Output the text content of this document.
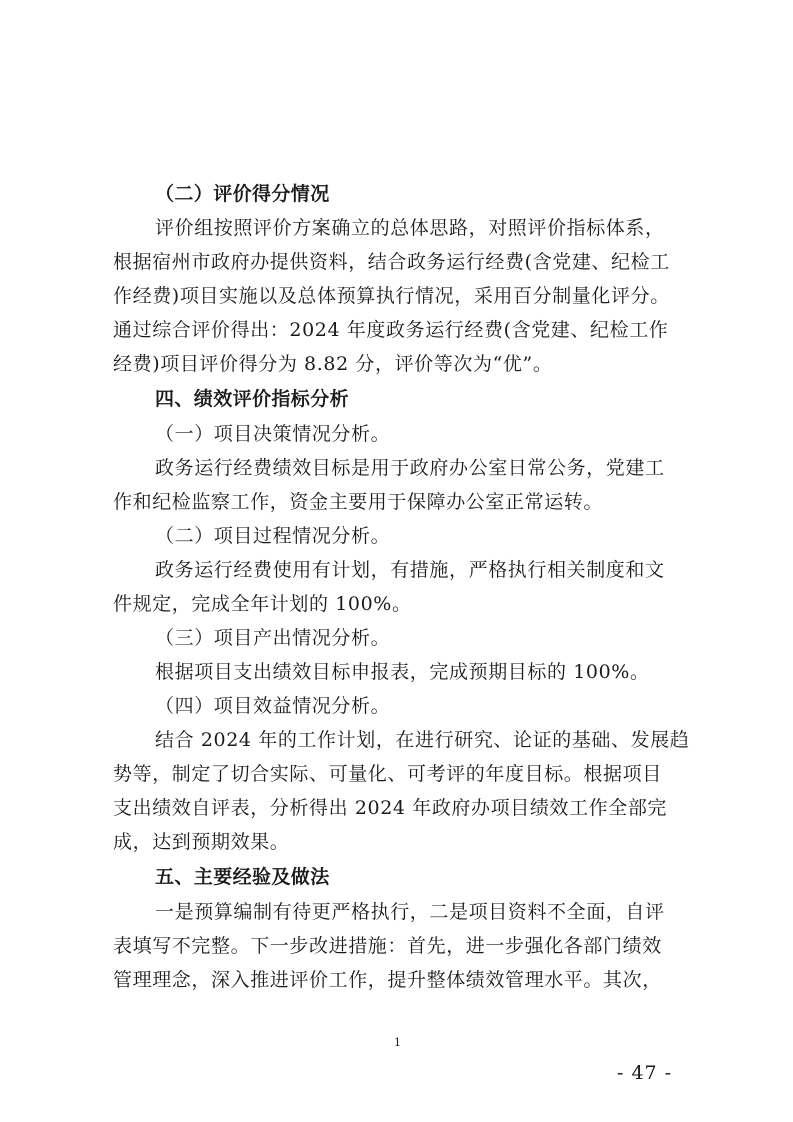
（二）评价得分情况
评价组按照评价方案确立的总体思路，对照评价指标体系，
根据宿州市政府办提供资料，结合政务运行经费(含党建、纪检工
作经费)项目实施以及总体预算执行情况，采用百分制量化评分。
通过综合评价得出：2024 年度政务运行经费(含党建、纪检工作
经费)项目评价得分为 8.82 分，评价等次为“优”。
四、绩效评价指标分析
（一）项目决策情况分析。
政务运行经费绩效目标是用于政府办公室日常公务，党建工
作和纪检监察工作，资金主要用于保障办公室正常运转。
（二）项目过程情况分析。
政务运行经费使用有计划，有措施，严格执行相关制度和文
件规定，完成全年计划的 100%。
（三）项目产出情况分析。
根据项目支出绩效目标申报表，完成预期目标的 100%。
（四）项目效益情况分析。
结合 2024 年的工作计划，在进行研究、论证的基础、发展趋
势等，制定了切合实际、可量化、可考评的年度目标。根据项目
支出绩效自评表，分析得出 2024 年政府办项目绩效工作全部完
成，达到预期效果。
五、主要经验及做法
一是预算编制有待更严格执行，二是项目资料不全面，自评
表填写不完整。下一步改进措施：首先，进一步强化各部门绩效
管理理念，深入推进评价工作，提升整体绩效管理水平。其次，
1
- 47 -
